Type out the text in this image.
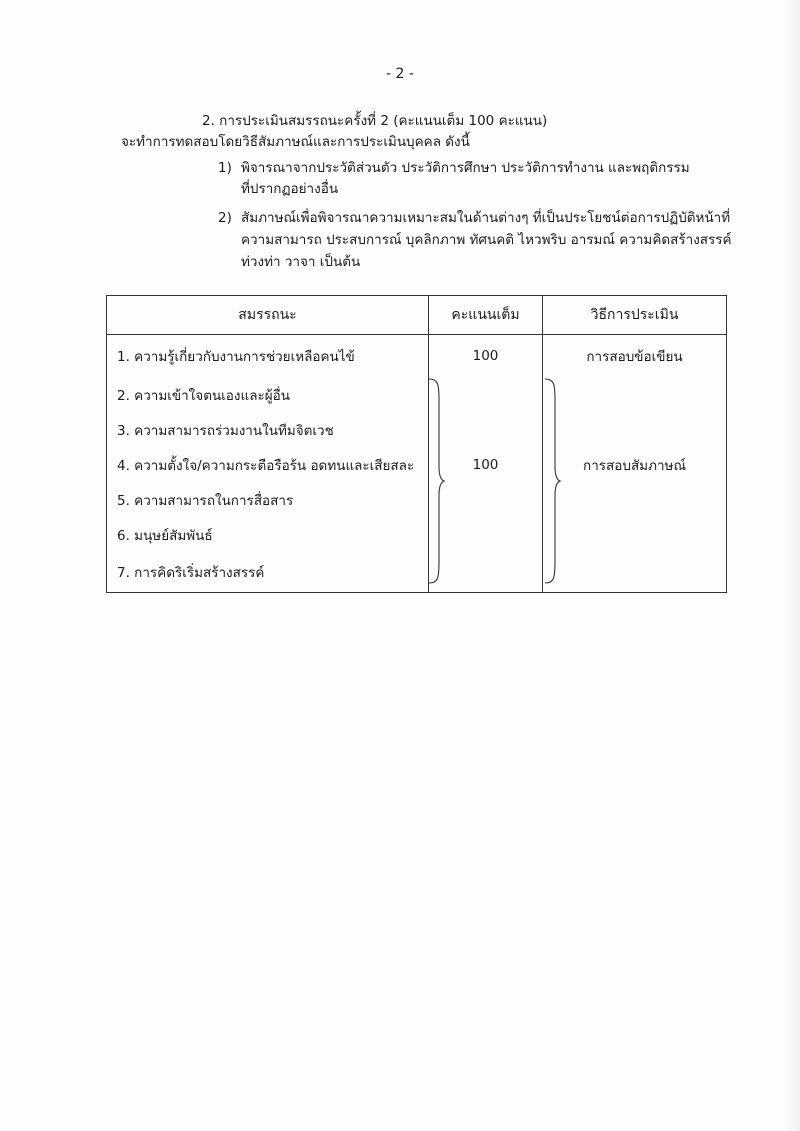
- 2 -
2. การประเมินสมรรถนะครั้งที่ 2 (คะแนนเต็ม 100 คะแนน)
จะทำการทดสอบโดยวิธีสัมภาษณ์และการประเมินบุคคล ดังนี้
1) พิจารณาจากประวัติส่วนตัว ประวัติการศึกษา ประวัติการทำงาน และพฤติกรรม
ที่ปรากฏอย่างอื่น
2) สัมภาษณ์เพื่อพิจารณาความเหมาะสมในด้านต่างๆ ที่เป็นประโยชน์ต่อการปฏิบัติหน้าที่
ความสามารถ ประสบการณ์ บุคลิกภาพ ทัศนคติ ไหวพริบ อารมณ์ ความคิดสร้างสรรค์
ท่วงท่า วาจา เป็นต้น
สมรรถนะ	คะแนนเต็ม	วิธีการประเมิน
1. ความรู้เกี่ยวกับงานการช่วยเหลือคนไข้	100	การสอบข้อเขียน
2. ความเข้าใจตนเองและผู้อื่น		
3. ความสามารถร่วมงานในทีมจิตเวช		
4. ความตั้งใจ/ความกระตือรือร้น อดทนและเสียสละ	100	การสอบสัมภาษณ์
5. ความสามารถในการสื่อสาร		
6. มนุษย์สัมพันธ์		
7. การคิดริเริ่มสร้างสรรค์		
